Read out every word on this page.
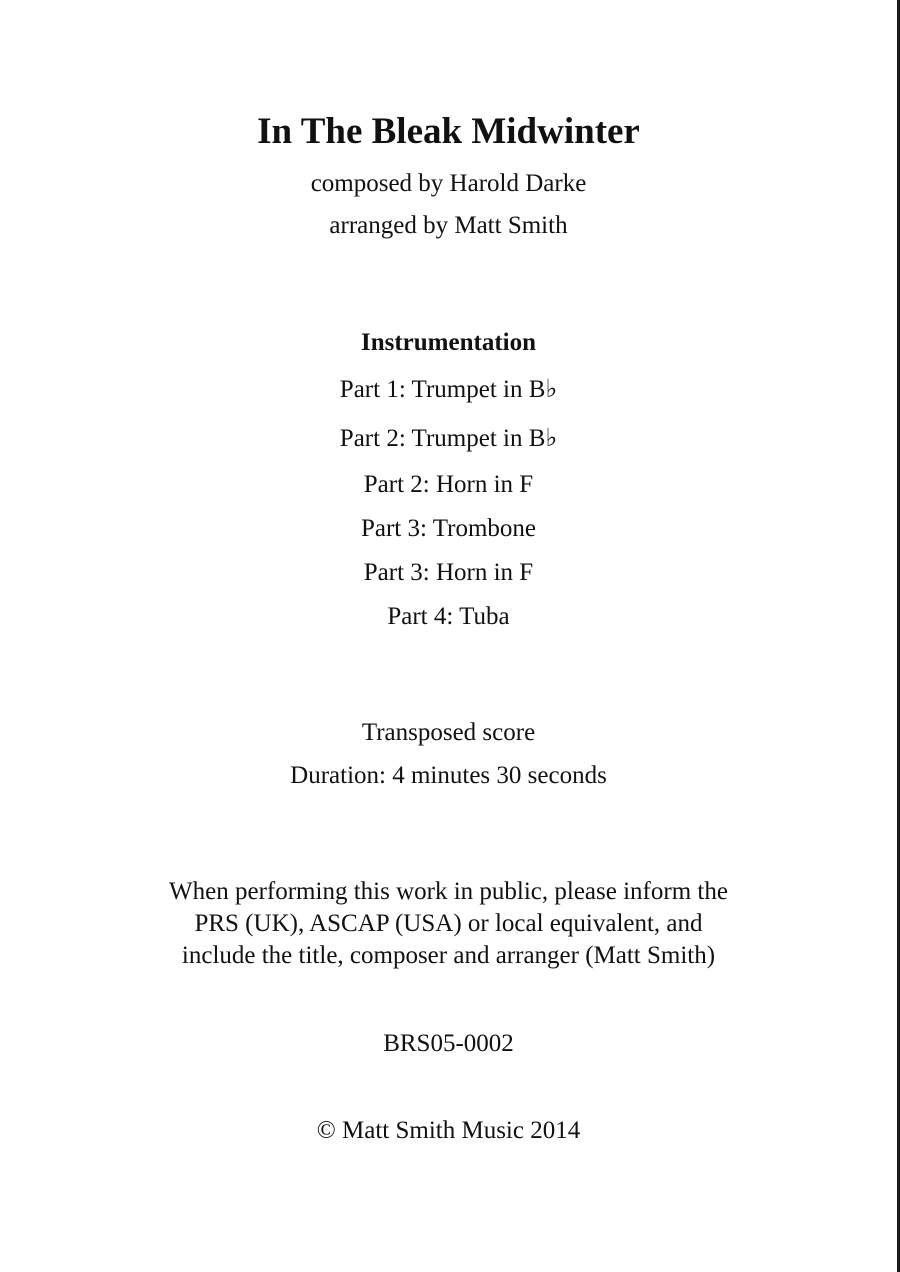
In The Bleak Midwinter
composed by Harold Darke
arranged by Matt Smith
Instrumentation
Part 1: Trumpet in B♭
Part 2: Trumpet in B♭
Part 2: Horn in F
Part 3: Trombone
Part 3: Horn in F
Part 4: Tuba
Transposed score
Duration: 4 minutes 30 seconds
When performing this work in public, please inform the
PRS (UK), ASCAP (USA) or local equivalent, and
include the title, composer and arranger (Matt Smith)
BRS05-0002
© Matt Smith Music 2014
